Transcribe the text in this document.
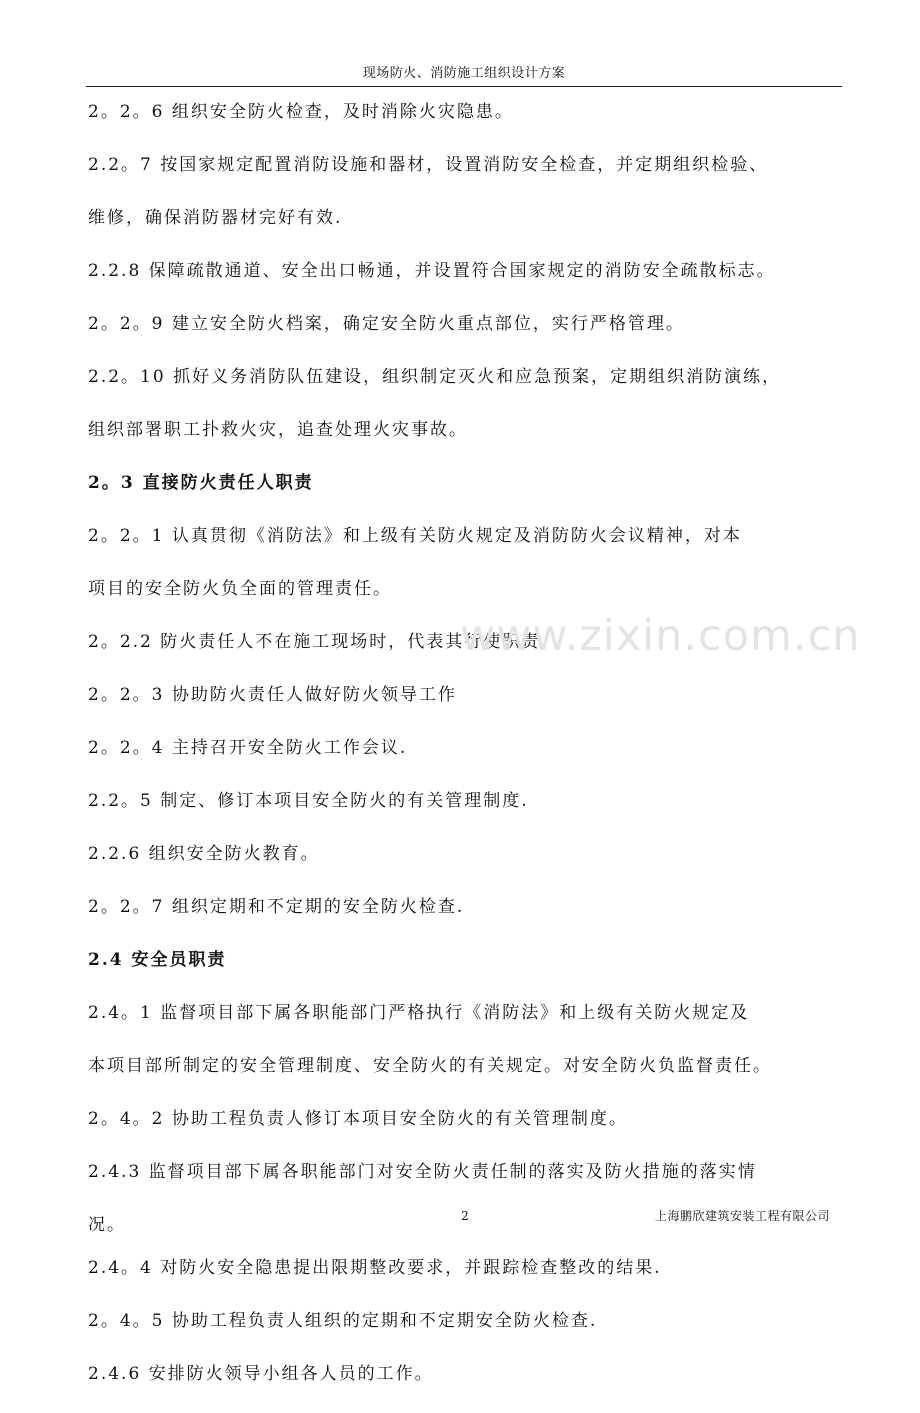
现场防火、消防施工组织设计方案
2。2。6 组织安全防火检查，及时消除火灾隐患。
2.2。7 按国家规定配置消防设施和器材，设置消防安全检查，并定期组织检验、
维修，确保消防器材完好有效.
2.2.8 保障疏散通道、安全出口畅通，并设置符合国家规定的消防安全疏散标志。
2。2。9 建立安全防火档案，确定安全防火重点部位，实行严格管理。
2.2。10 抓好义务消防队伍建设，组织制定灭火和应急预案，定期组织消防演练，
组织部署职工扑救火灾，追查处理火灾事故。
2。3 直接防火责任人职责
2。2。1 认真贯彻《消防法》和上级有关防火规定及消防防火会议精神，对本
项目的安全防火负全面的管理责任。
2。2.2 防火责任人不在施工现场时，代表其行使职责.
2。2。3 协助防火责任人做好防火领导工作
2。2。4 主持召开安全防火工作会议.
2.2。5 制定、修订本项目安全防火的有关管理制度.
2.2.6 组织安全防火教育。
2。2。7 组织定期和不定期的安全防火检查.
2.4 安全员职责
2.4。1 监督项目部下属各职能部门严格执行《消防法》和上级有关防火规定及
本项目部所制定的安全管理制度、安全防火的有关规定。对安全防火负监督责任。
2。4。2 协助工程负责人修订本项目安全防火的有关管理制度。
2.4.3 监督项目部下属各职能部门对安全防火责任制的落实及防火措施的落实情
况。
2.4。4 对防火安全隐患提出限期整改要求，并跟踪检查整改的结果.
2。4。5 协助工程负责人组织的定期和不定期安全防火检查.
2.4.6 安排防火领导小组各人员的工作。
www.zixin.com.cn
2	上海鹏欣建筑安装工程有限公司
